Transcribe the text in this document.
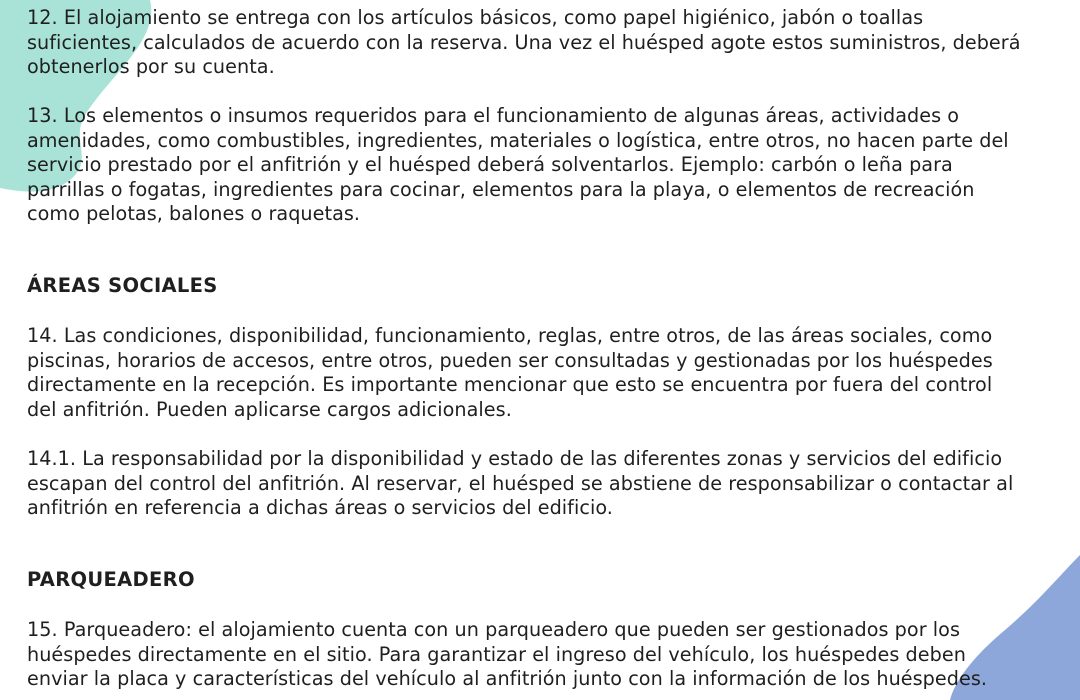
12. El alojamiento se entrega con los artículos básicos, como papel higiénico, jabón o toallas
suficientes, calculados de acuerdo con la reserva. Una vez el huésped agote estos suministros, deberá
obtenerlos por su cuenta.

13. Los elementos o insumos requeridos para el funcionamiento de algunas áreas, actividades o
amenidades, como combustibles, ingredientes, materiales o logística, entre otros, no hacen parte del
servicio prestado por el anfitrión y el huésped deberá solventarlos. Ejemplo: carbón o leña para
parrillas o fogatas, ingredientes para cocinar, elementos para la playa, o elementos de recreación
como pelotas, balones o raquetas.

ÁREAS SOCIALES

14. Las condiciones, disponibilidad, funcionamiento, reglas, entre otros, de las áreas sociales, como
piscinas, horarios de accesos, entre otros, pueden ser consultadas y gestionadas por los huéspedes
directamente en la recepción. Es importante mencionar que esto se encuentra por fuera del control
del anfitrión. Pueden aplicarse cargos adicionales.

14.1. La responsabilidad por la disponibilidad y estado de las diferentes zonas y servicios del edificio
escapan del control del anfitrión. Al reservar, el huésped se abstiene de responsabilizar o contactar al
anfitrión en referencia a dichas áreas o servicios del edificio.

PARQUEADERO

15. Parqueadero: el alojamiento cuenta con un parqueadero que pueden ser gestionados por los
huéspedes directamente en el sitio. Para garantizar el ingreso del vehículo, los huéspedes deben
enviar la placa y características del vehículo al anfitrión junto con la información de los huéspedes.
